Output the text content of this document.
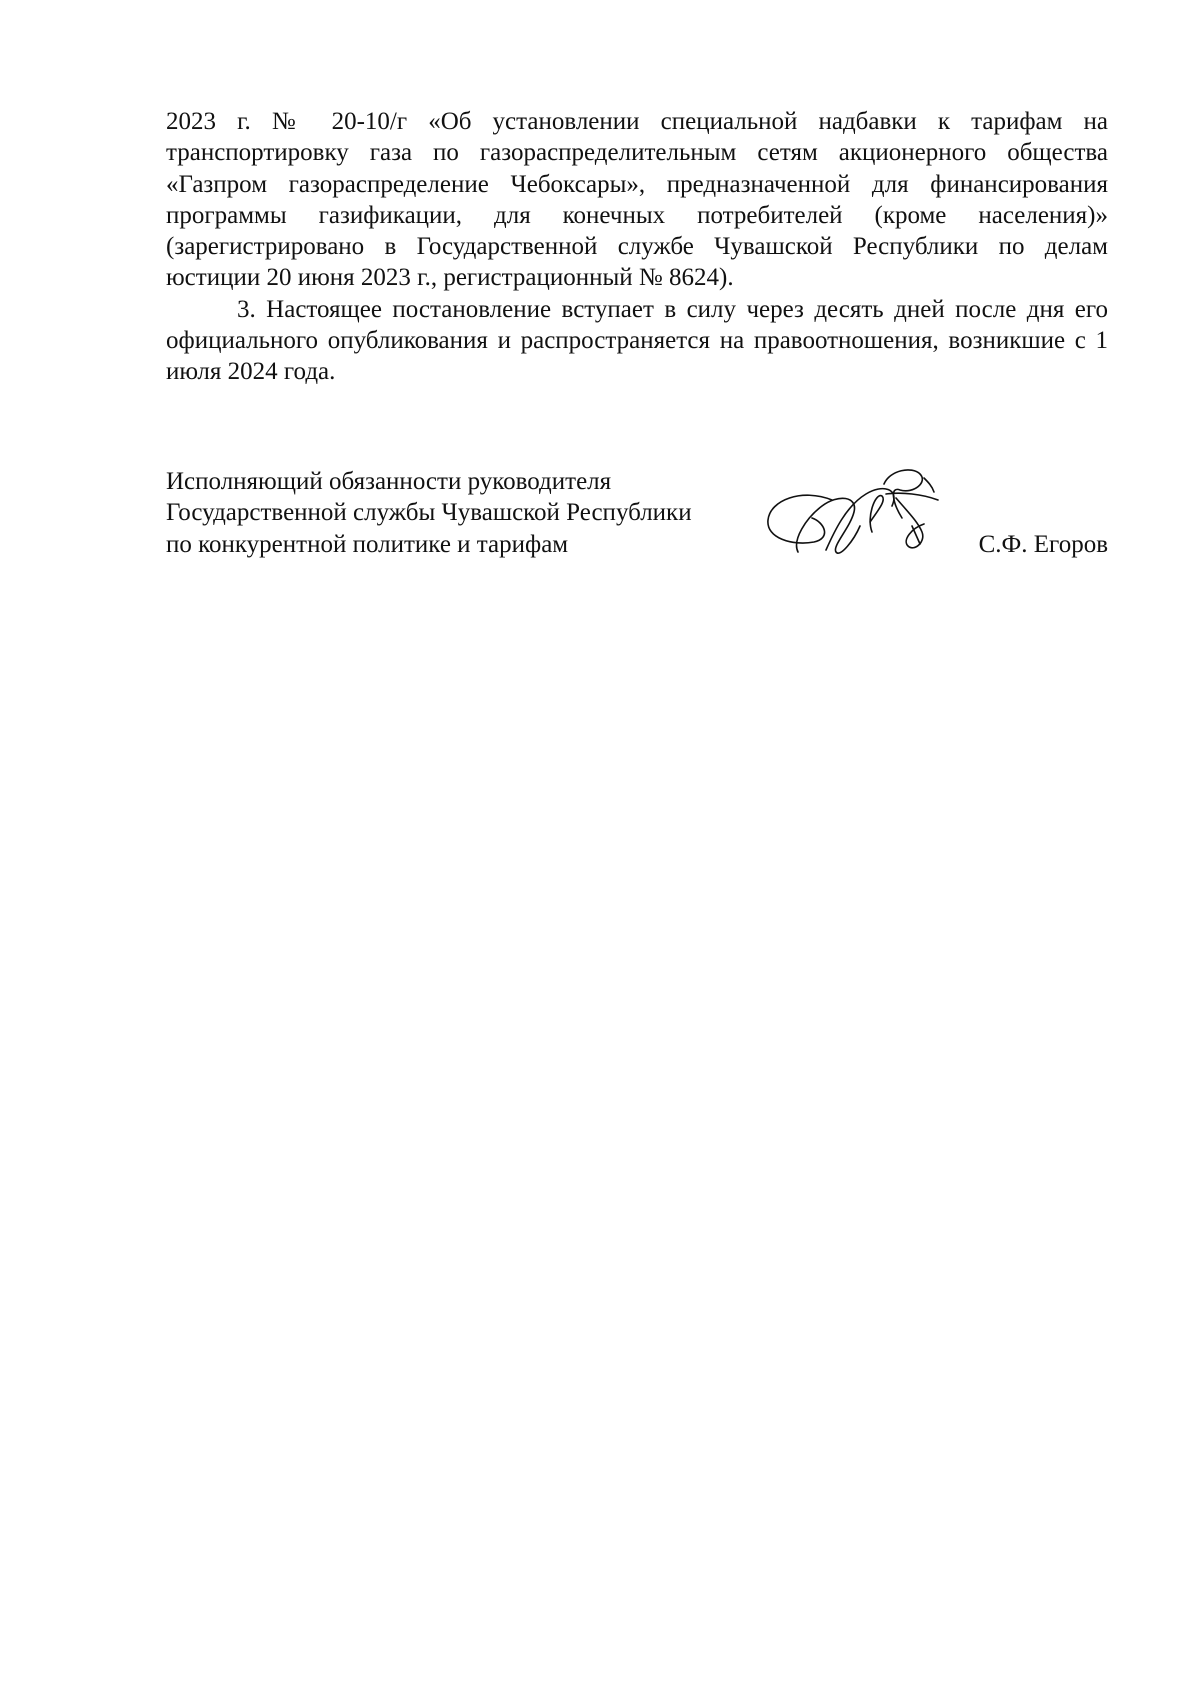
2023 г. № 20-10/г «Об установлении специальной надбавки к тарифам на транспортировку газа по газораспределительным сетям акционерного общества «Газпром газораспределение Чебоксары», предназначенной для финансирования программы газификации, для конечных потребителей (кроме населения)» (зарегистрировано в Государственной службе Чувашской Республики по делам юстиции 20 июня 2023 г., регистрационный № 8624).

3. Настоящее постановление вступает в силу через десять дней после дня его официального опубликования и распространяется на правоотношения, возникшие с 1 июля 2024 года.

Исполняющий обязанности руководителя
Государственной службы Чувашской Республики
по конкурентной политике и тарифам	С.Ф. Егоров
